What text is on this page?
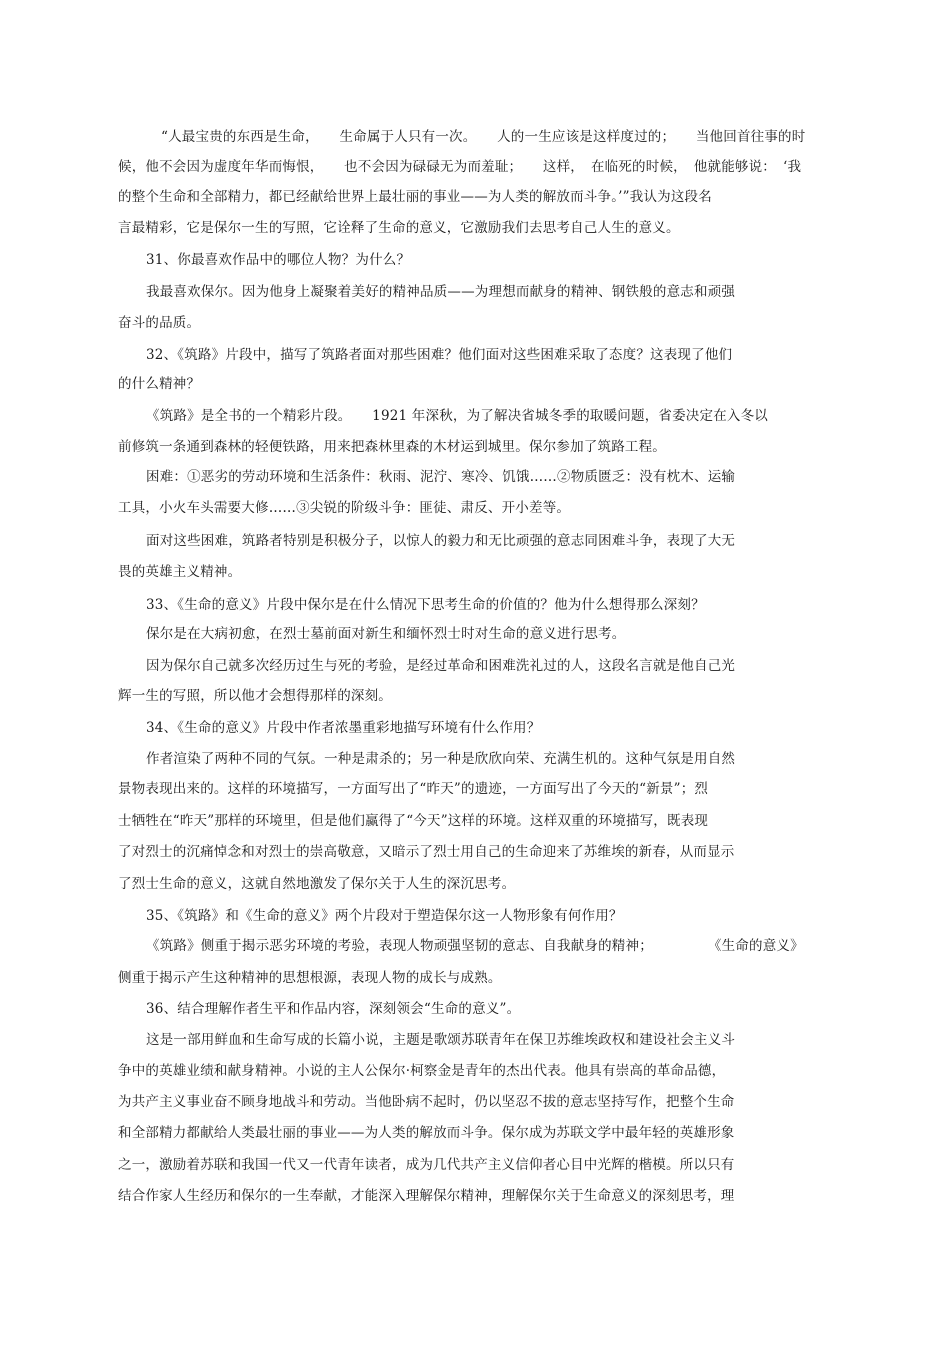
“人最宝贵的东西是生命，　　生命属于人只有一次。　　人的一生应该是这样度过的；　　当他回首往事的时
候，他不会因为虚度年华而悔恨，　　也不会因为碌碌无为而羞耻；　　这样，　在临死的时候，　他就能够说：　‘我
的整个生命和全部精力，都已经献给世界上最壮丽的事业——为人类的解放而斗争。’”我认为这段名
言最精彩，它是保尔一生的写照，它诠释了生命的意义，它激励我们去思考自己人生的意义。
31、你最喜欢作品中的哪位人物？为什么？
我最喜欢保尔。因为他身上凝聚着美好的精神品质——为理想而献身的精神、钢铁般的意志和顽强
奋斗的品质。
32、《筑路》片段中，描写了筑路者面对那些困难？他们面对这些困难采取了态度？这表现了他们
的什么精神？
《筑路》是全书的一个精彩片段。　　1921 年深秋，为了解决省城冬季的取暖问题，省委决定在入冬以
前修筑一条通到森林的轻便铁路，用来把森林里森的木材运到城里。保尔参加了筑路工程。
困难：①恶劣的劳动环境和生活条件：秋雨、泥泞、寒冷、饥饿……②物质匮乏：没有枕木、运输
工具，小火车头需要大修……③尖锐的阶级斗争：匪徒、肃反、开小差等。
面对这些困难，筑路者特别是积极分子，以惊人的毅力和无比顽强的意志同困难斗争，表现了大无
畏的英雄主义精神。
33、《生命的意义》片段中保尔是在什么情况下思考生命的价值的？他为什么想得那么深刻？
保尔是在大病初愈，在烈士墓前面对新生和缅怀烈士时对生命的意义进行思考。
因为保尔自己就多次经历过生与死的考验，是经过革命和困难洗礼过的人，这段名言就是他自己光
辉一生的写照，所以他才会想得那样的深刻。
34、《生命的意义》片段中作者浓墨重彩地描写环境有什么作用？
作者渲染了两种不同的气氛。一种是肃杀的；另一种是欣欣向荣、充满生机的。这种气氛是用自然
景物表现出来的。这样的环境描写，一方面写出了“昨天”的遗迹，一方面写出了今天的“新景”；烈
士牺牲在“昨天”那样的环境里，但是他们赢得了“今天”这样的环境。这样双重的环境描写，既表现
了对烈士的沉痛悼念和对烈士的崇高敬意，又暗示了烈士用自己的生命迎来了苏维埃的新春，从而显示
了烈士生命的意义，这就自然地激发了保尔关于人生的深沉思考。
35、《筑路》和《生命的意义》两个片段对于塑造保尔这一人物形象有何作用？
《筑路》侧重于揭示恶劣环境的考验，表现人物顽强坚韧的意志、自我献身的精神；　　　　　《生命的意义》
侧重于揭示产生这种精神的思想根源，表现人物的成长与成熟。
36、结合理解作者生平和作品内容，深刻领会“生命的意义”。
这是一部用鲜血和生命写成的长篇小说，主题是歌颂苏联青年在保卫苏维埃政权和建设社会主义斗
争中的英雄业绩和献身精神。小说的主人公保尔·柯察金是青年的杰出代表。他具有崇高的革命品德，
为共产主义事业奋不顾身地战斗和劳动。当他卧病不起时，仍以坚忍不拔的意志坚持写作，把整个生命
和全部精力都献给人类最壮丽的事业——为人类的解放而斗争。保尔成为苏联文学中最年轻的英雄形象
之一，激励着苏联和我国一代又一代青年读者，成为几代共产主义信仰者心目中光辉的楷模。所以只有
结合作家人生经历和保尔的一生奉献，才能深入理解保尔精神，理解保尔关于生命意义的深刻思考，理
